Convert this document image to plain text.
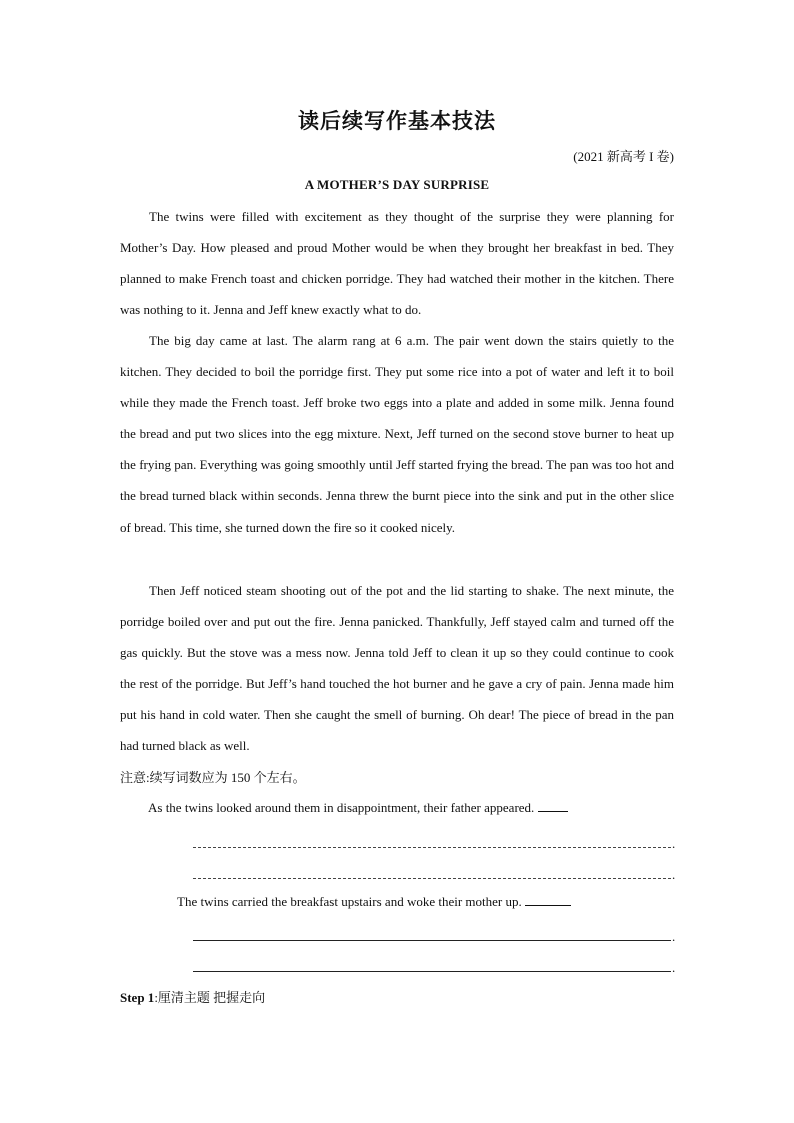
读后续写作基本技法
(2021 新高考 I 卷)
A MOTHER’S DAY SURPRISE

The twins were filled with excitement as they thought of the surprise they were planning for Mother’s Day. How pleased and proud Mother would be when they brought her breakfast in bed. They planned to make French toast and chicken porridge. They had watched their mother in the kitchen. There was nothing to it. Jenna and Jeff knew exactly what to do.

The big day came at last. The alarm rang at 6 a.m. The pair went down the stairs quietly to the kitchen. They decided to boil the porridge first. They put some rice into a pot of water and left it to boil while they made the French toast. Jeff broke two eggs into a plate and added in some milk. Jenna found the bread and put two slices into the egg mixture. Next, Jeff turned on the second stove burner to heat up the frying pan. Everything was going smoothly until Jeff started frying the bread. The pan was too hot and the bread turned black within seconds. Jenna threw the burnt piece into the sink and put in the other slice of bread. This time, she turned down the fire so it cooked nicely.

Then Jeff noticed steam shooting out of the pot and the lid starting to shake. The next minute, the porridge boiled over and put out the fire. Jenna panicked. Thankfully, Jeff stayed calm and turned off the gas quickly. But the stove was a mess now. Jenna told Jeff to clean it up so they could continue to cook the rest of the porridge. But Jeff’s hand touched the hot burner and he gave a cry of pain. Jenna made him put his hand in cold water. Then she caught the smell of burning. Oh dear! The piece of bread in the pan had turned black as well.

注意:续写词数应为 150 个左右。
As the twins looked around them in disappointment, their father appeared.
.
.
The twins carried the breakfast upstairs and woke their mother up.
.
.
Step 1:厘清主题 把握走向
